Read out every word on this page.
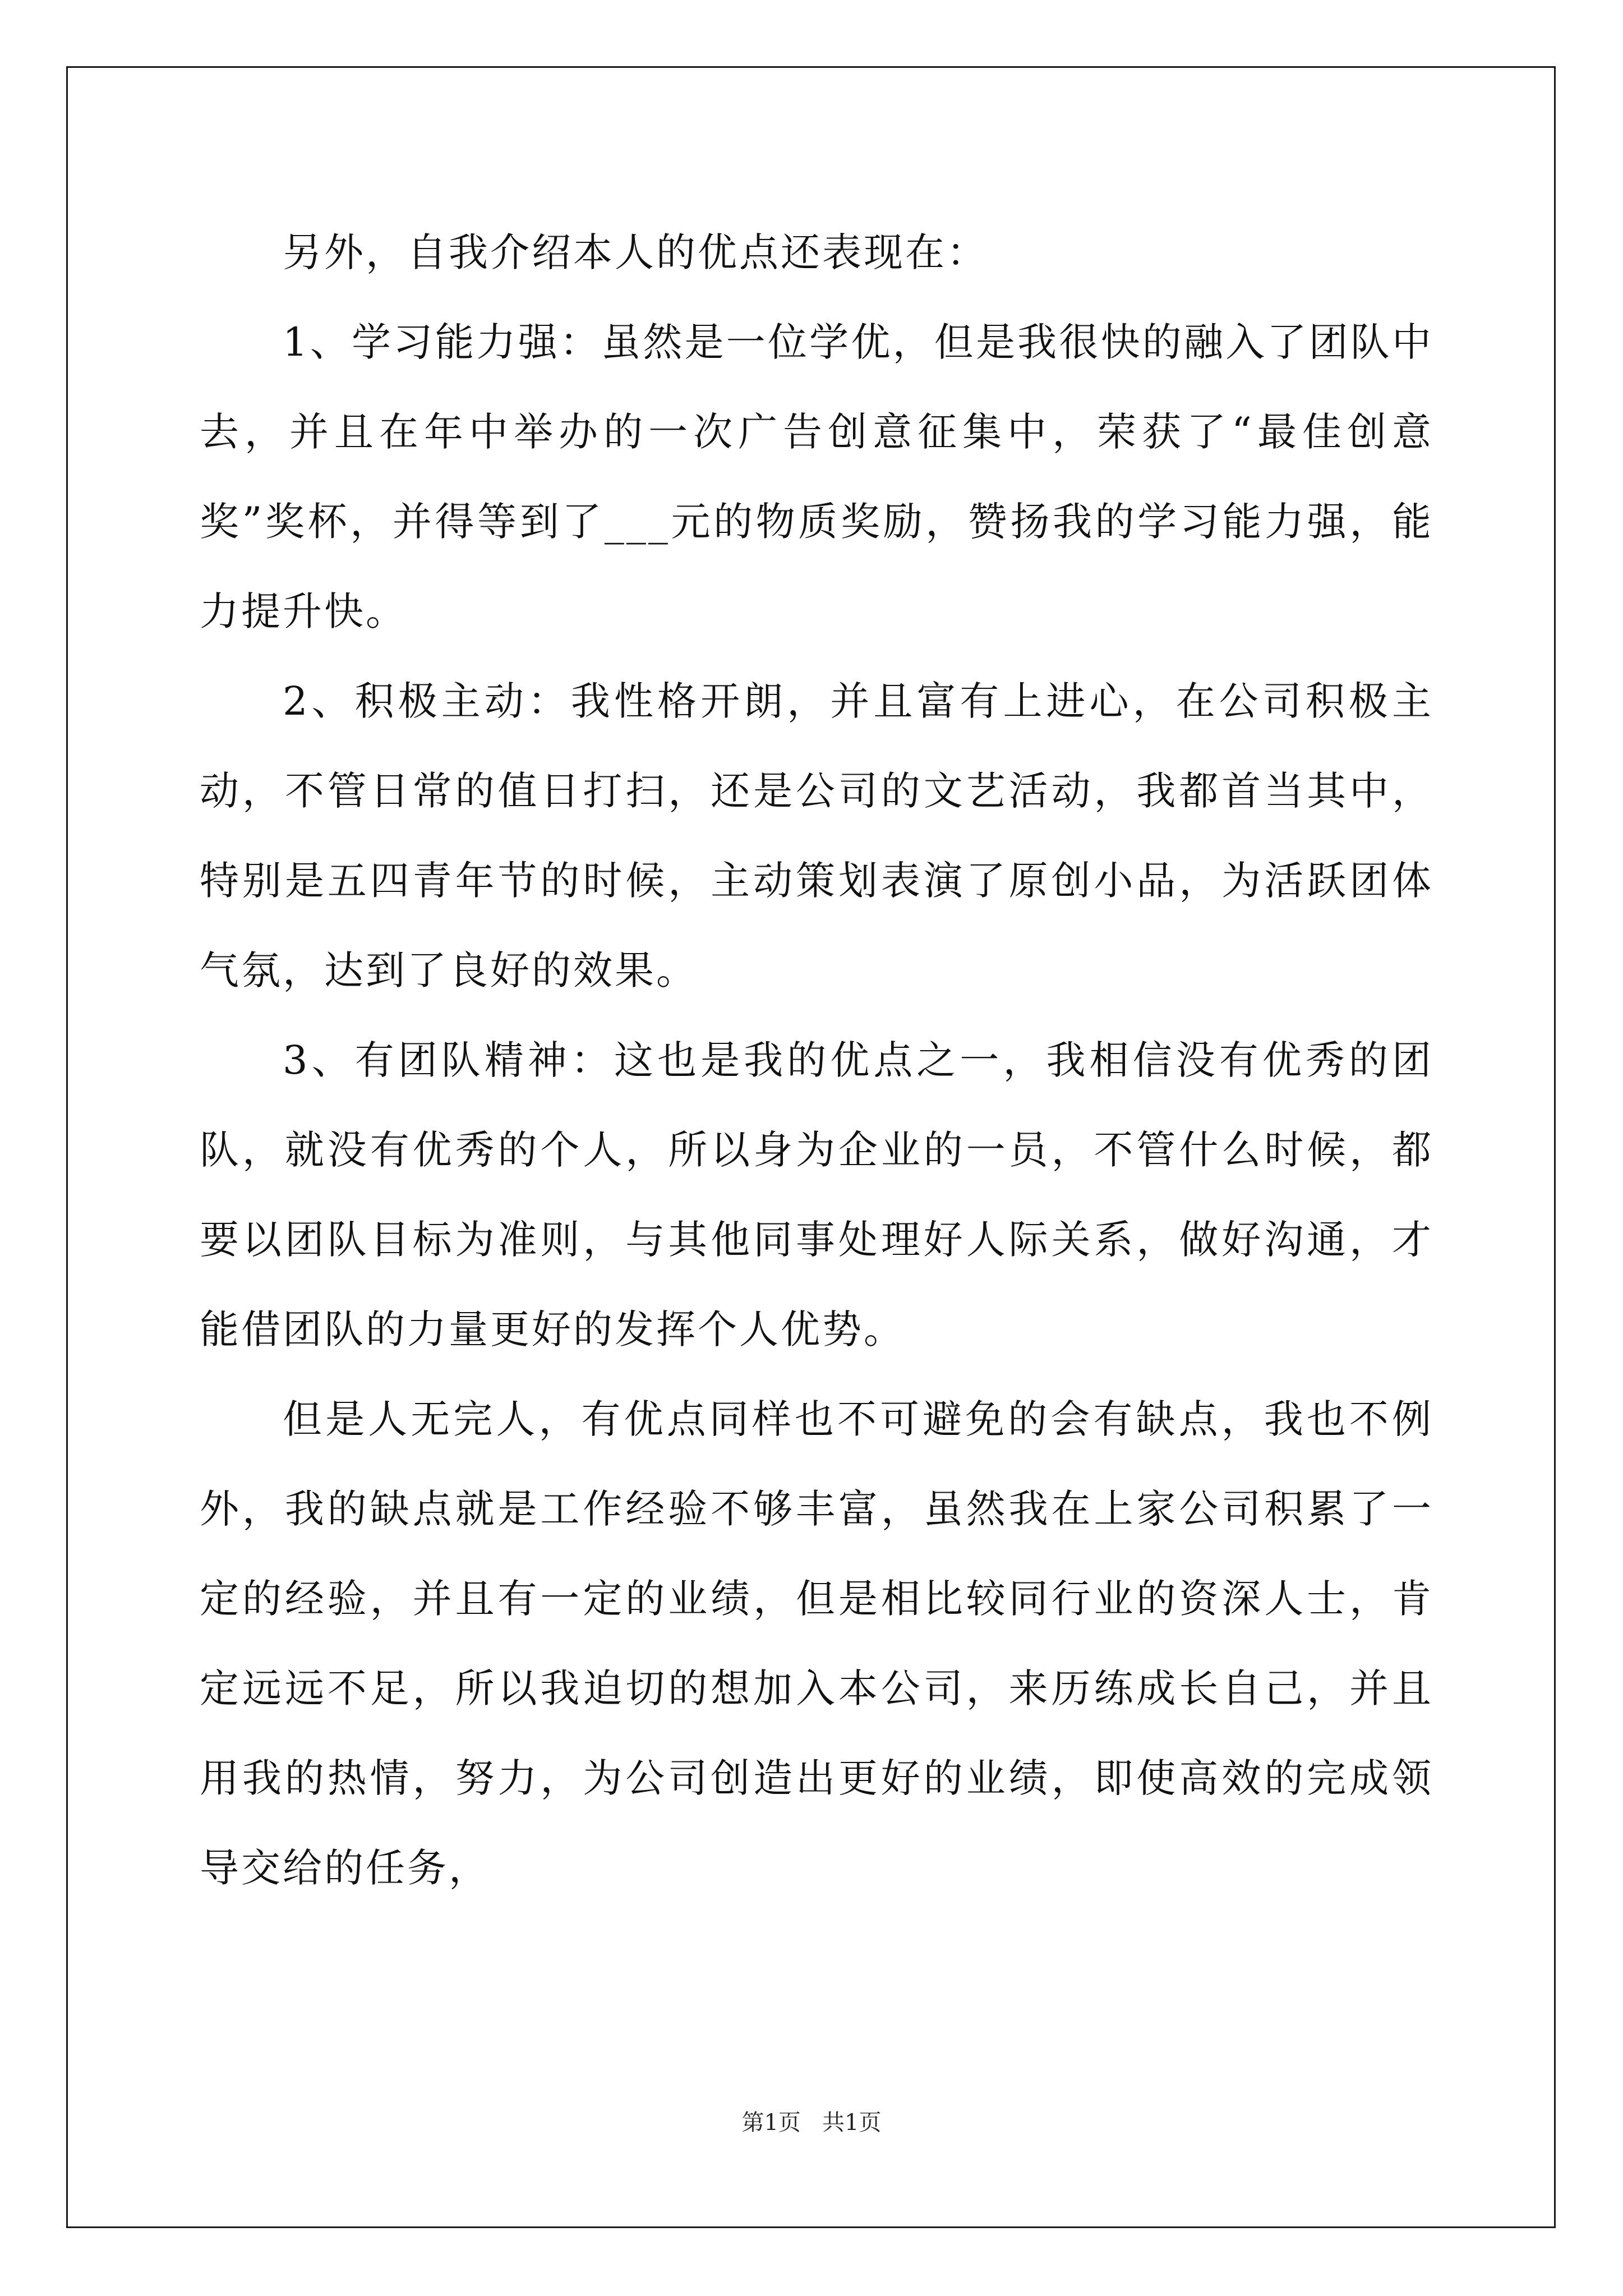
另外，自我介绍本人的优点还表现在：

1、学习能力强：虽然是一位学优，但是我很快的融入了团队中去，并且在年中举办的一次广告创意征集中，荣获了“最佳创意奖”奖杯，并得等到了___元的物质奖励，赞扬我的学习能力强，能力提升快。

2、积极主动：我性格开朗，并且富有上进心，在公司积极主动，不管日常的值日打扫，还是公司的文艺活动，我都首当其中，特别是五四青年节的时候，主动策划表演了原创小品，为活跃团体气氛，达到了良好的效果。

3、有团队精神：这也是我的优点之一，我相信没有优秀的团队，就没有优秀的个人，所以身为企业的一员，不管什么时候，都要以团队目标为准则，与其他同事处理好人际关系，做好沟通，才能借团队的力量更好的发挥个人优势。

但是人无完人，有优点同样也不可避免的会有缺点，我也不例外，我的缺点就是工作经验不够丰富，虽然我在上家公司积累了一定的经验，并且有一定的业绩，但是相比较同行业的资深人士，肯定远远不足，所以我迫切的想加入本公司，来历练成长自己，并且用我的热情，努力，为公司创造出更好的业绩，即使高效的完成领导交给的任务，

第1页   共1页
